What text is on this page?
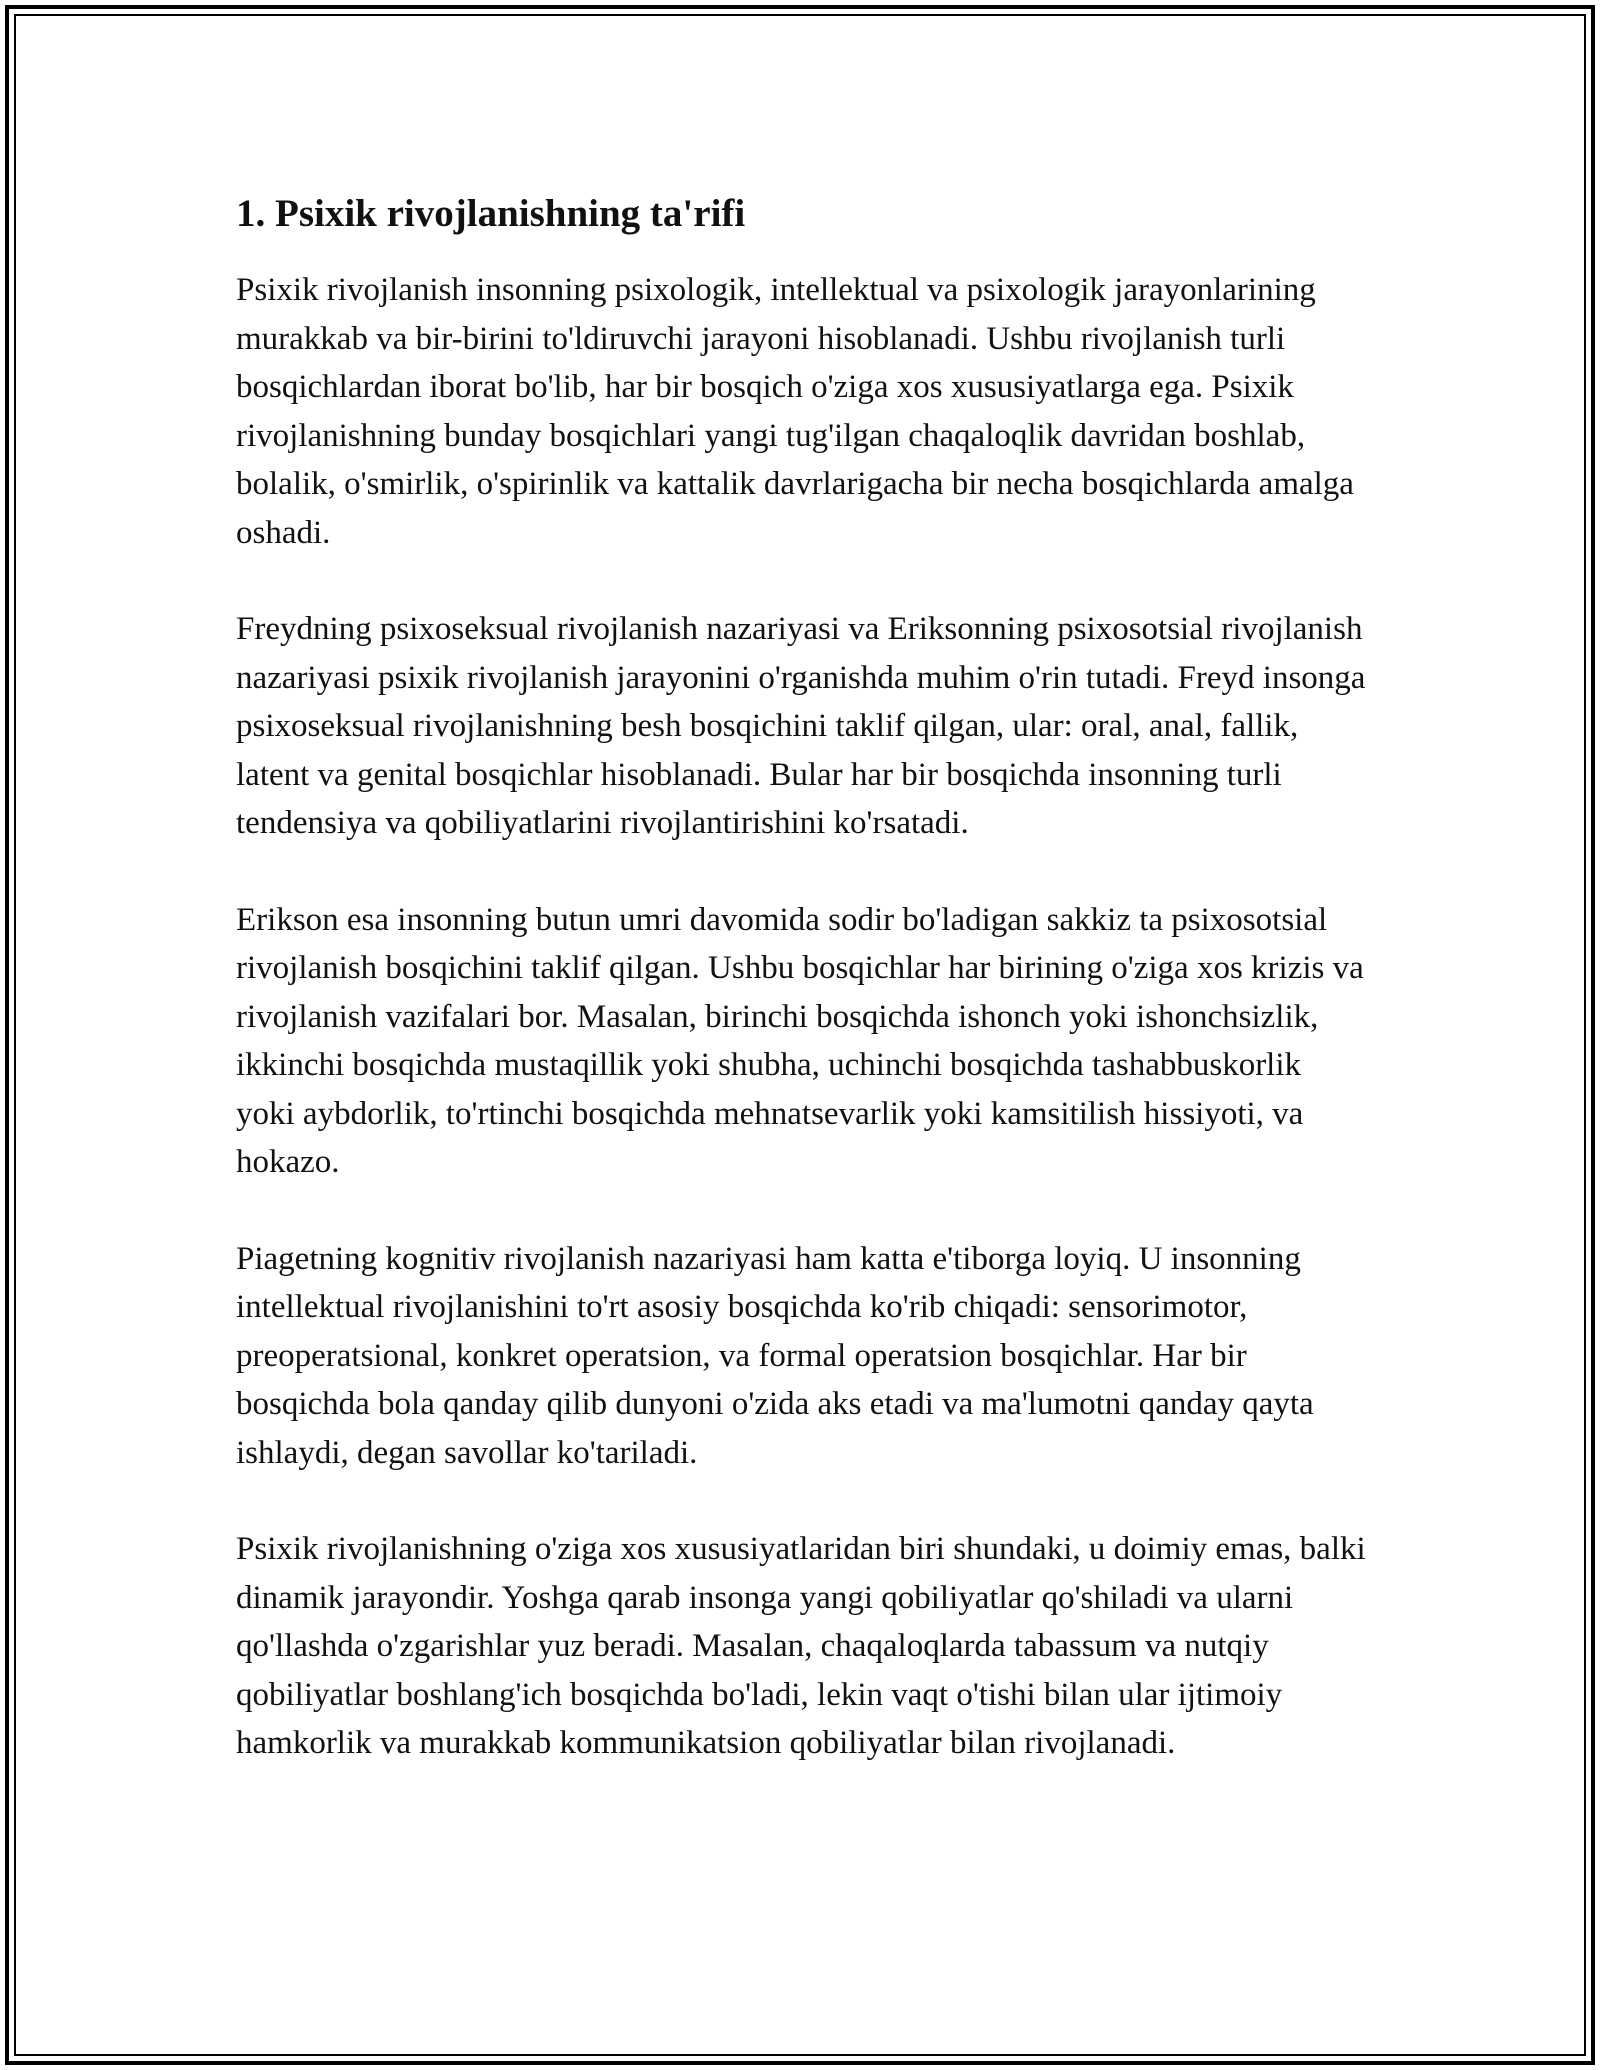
1. Psixik rivojlanishning ta'rifi

Psixik rivojlanish insonning psixologik, intellektual va psixologik jarayonlarining murakkab va bir-birini to'ldiruvchi jarayoni hisoblanadi. Ushbu rivojlanish turli bosqichlardan iborat bo'lib, har bir bosqich o'ziga xos xususiyatlarga ega. Psixik rivojlanishning bunday bosqichlari yangi tug'ilgan chaqaloqlik davridan boshlab, bolalik, o'smirlik, o'spirinlik va kattalik davrlarigacha bir necha bosqichlarda amalga oshadi.

Freydning psixoseksual rivojlanish nazariyasi va Eriksonning psixosotsial rivojlanish nazariyasi psixik rivojlanish jarayonini o'rganishda muhim o'rin tutadi. Freyd insonga psixoseksual rivojlanishning besh bosqichini taklif qilgan, ular: oral, anal, fallik, latent va genital bosqichlar hisoblanadi. Bular har bir bosqichda insonning turli tendensiya va qobiliyatlarini rivojlantirishini ko'rsatadi.

Erikson esa insonning butun umri davomida sodir bo'ladigan sakkiz ta psixosotsial rivojlanish bosqichini taklif qilgan. Ushbu bosqichlar har birining o'ziga xos krizis va rivojlanish vazifalari bor. Masalan, birinchi bosqichda ishonch yoki ishonchsizlik, ikkinchi bosqichda mustaqillik yoki shubha, uchinchi bosqichda tashabbuskorlik yoki aybdorlik, to'rtinchi bosqichda mehnatsevarlik yoki kamsitilish hissiyoti, va hokazo.

Piagetning kognitiv rivojlanish nazariyasi ham katta e'tiborga loyiq. U insonning intellektual rivojlanishini to'rt asosiy bosqichda ko'rib chiqadi: sensorimotor, preoperatsional, konkret operatsion, va formal operatsion bosqichlar. Har bir bosqichda bola qanday qilib dunyoni o'zida aks etadi va ma'lumotni qanday qayta ishlaydi, degan savollar ko'tariladi.

Psixik rivojlanishning o'ziga xos xususiyatlaridan biri shundaki, u doimiy emas, balki dinamik jarayondir. Yoshga qarab insonga yangi qobiliyatlar qo'shiladi va ularni qo'llashda o'zgarishlar yuz beradi. Masalan, chaqaloqlarda tabassum va nutqiy qobiliyatlar boshlang'ich bosqichda bo'ladi, lekin vaqt o'tishi bilan ular ijtimoiy hamkorlik va murakkab kommunikatsion qobiliyatlar bilan rivojlanadi.
